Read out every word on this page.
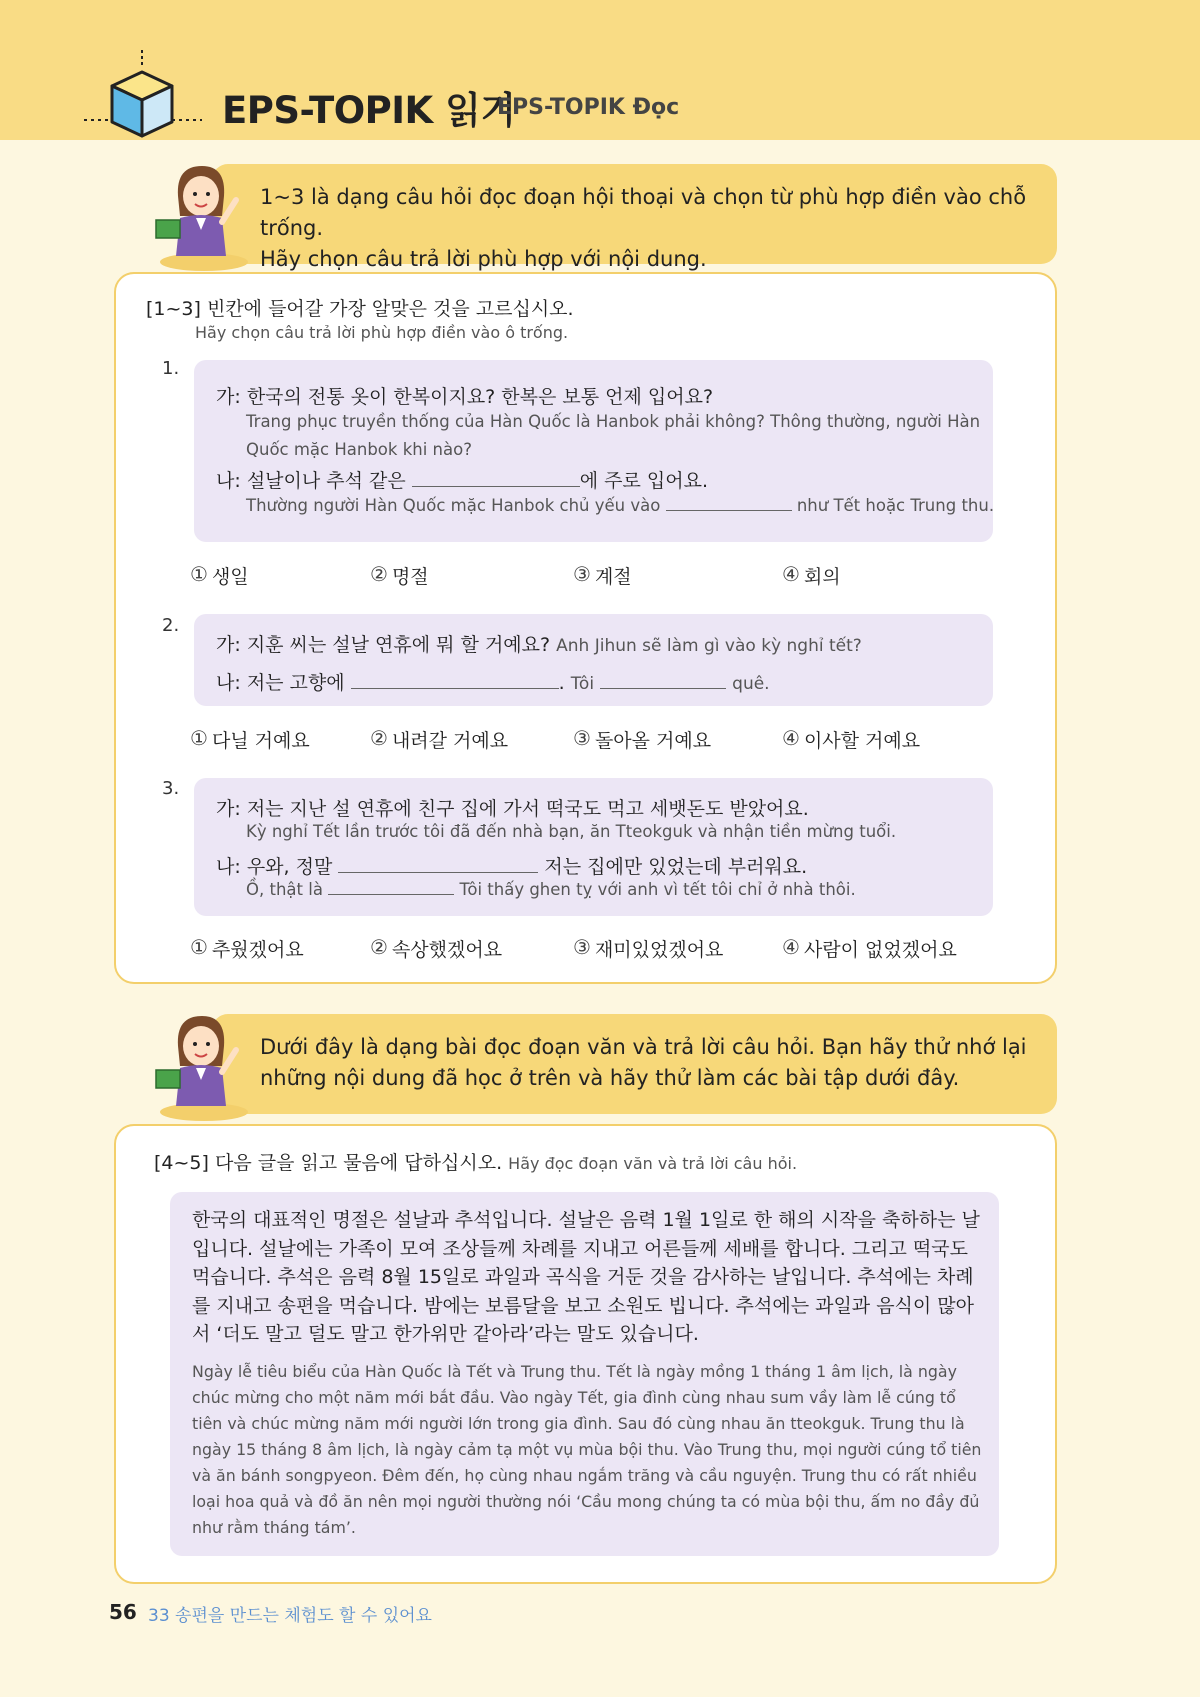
EPS-TOPIK 읽기
EPS-TOPIK Đọc
1~3 là dạng câu hỏi đọc đoạn hội thoại và chọn từ phù hợp điền vào chỗ trống.
Hãy chọn câu trả lời phù hợp với nội dung.
[1~3] 빈칸에 들어갈 가장 알맞은 것을 고르십시오.
Hãy chọn câu trả lời phù hợp điền vào ô trống.
1.
가: 한국의 전통 옷이 한복이지요? 한복은 보통 언제 입어요?
Trang phục truyền thống của Hàn Quốc là Hanbok phải không? Thông thường, người Hàn
Quốc mặc Hanbok khi nào?
나: 설날이나 추석 같은	에 주로 입어요.
Thường người Hàn Quốc mặc Hanbok chủ yếu vào	như Tết hoặc Trung thu.
① 생일	② 명절	③ 계절	④ 회의
2.
가: 지훈 씨는 설날 연휴에 뭐 할 거예요? Anh Jihun sẽ làm gì vào kỳ nghỉ tết?
나: 저는 고향에	. Tôi	quê.
① 다닐 거예요	② 내려갈 거예요	③ 돌아올 거예요	④ 이사할 거예요
3.
가: 저는 지난 설 연휴에 친구 집에 가서 떡국도 먹고 세뱃돈도 받았어요.
Kỳ nghỉ Tết lần trước tôi đã đến nhà bạn, ăn Tteokguk và nhận tiền mừng tuổi.
나: 우와, 정말	저는 집에만 있었는데 부러워요.
Ồ, thật là	Tôi thấy ghen tỵ với anh vì tết tôi chỉ ở nhà thôi.
① 추웠겠어요	② 속상했겠어요	③ 재미있었겠어요	④ 사람이 없었겠어요
Dưới đây là dạng bài đọc đoạn văn và trả lời câu hỏi. Bạn hãy thử nhớ lại
những nội dung đã học ở trên và hãy thử làm các bài tập dưới đây.
[4~5] 다음 글을 읽고 물음에 답하십시오. Hãy đọc đoạn văn và trả lời câu hỏi.
한국의 대표적인 명절은 설날과 추석입니다. 설날은 음력 1월 1일로 한 해의 시작을 축하하는 날입니다. 설날에는 가족이 모여 조상들께 차례를 지내고 어른들께 세배를 합니다. 그리고 떡국도 먹습니다. 추석은 음력 8월 15일로 과일과 곡식을 거둔 것을 감사하는 날입니다. 추석에는 차례를 지내고 송편을 먹습니다. 밤에는 보름달을 보고 소원도 빕니다. 추석에는 과일과 음식이 많아서 ‘더도 말고 덜도 말고 한가위만 같아라’라는 말도 있습니다.
Ngày lễ tiêu biểu của Hàn Quốc là Tết và Trung thu. Tết là ngày mồng 1 tháng 1 âm lịch, là ngày chúc mừng cho một năm mới bắt đầu. Vào ngày Tết, gia đình cùng nhau sum vầy làm lễ cúng tổ tiên và chúc mừng năm mới người lớn trong gia đình. Sau đó cùng nhau ăn tteokguk. Trung thu là ngày 15 tháng 8 âm lịch, là ngày cảm tạ một vụ mùa bội thu. Vào Trung thu, mọi người cúng tổ tiên và ăn bánh songpyeon. Đêm đến, họ cùng nhau ngắm trăng và cầu nguyện. Trung thu có rất nhiều loại hoa quả và đồ ăn nên mọi người thường nói ‘Cầu mong chúng ta có mùa bội thu, ấm no đầy đủ như rằm tháng tám’.
56 33 송편을 만드는 체험도 할 수 있어요
